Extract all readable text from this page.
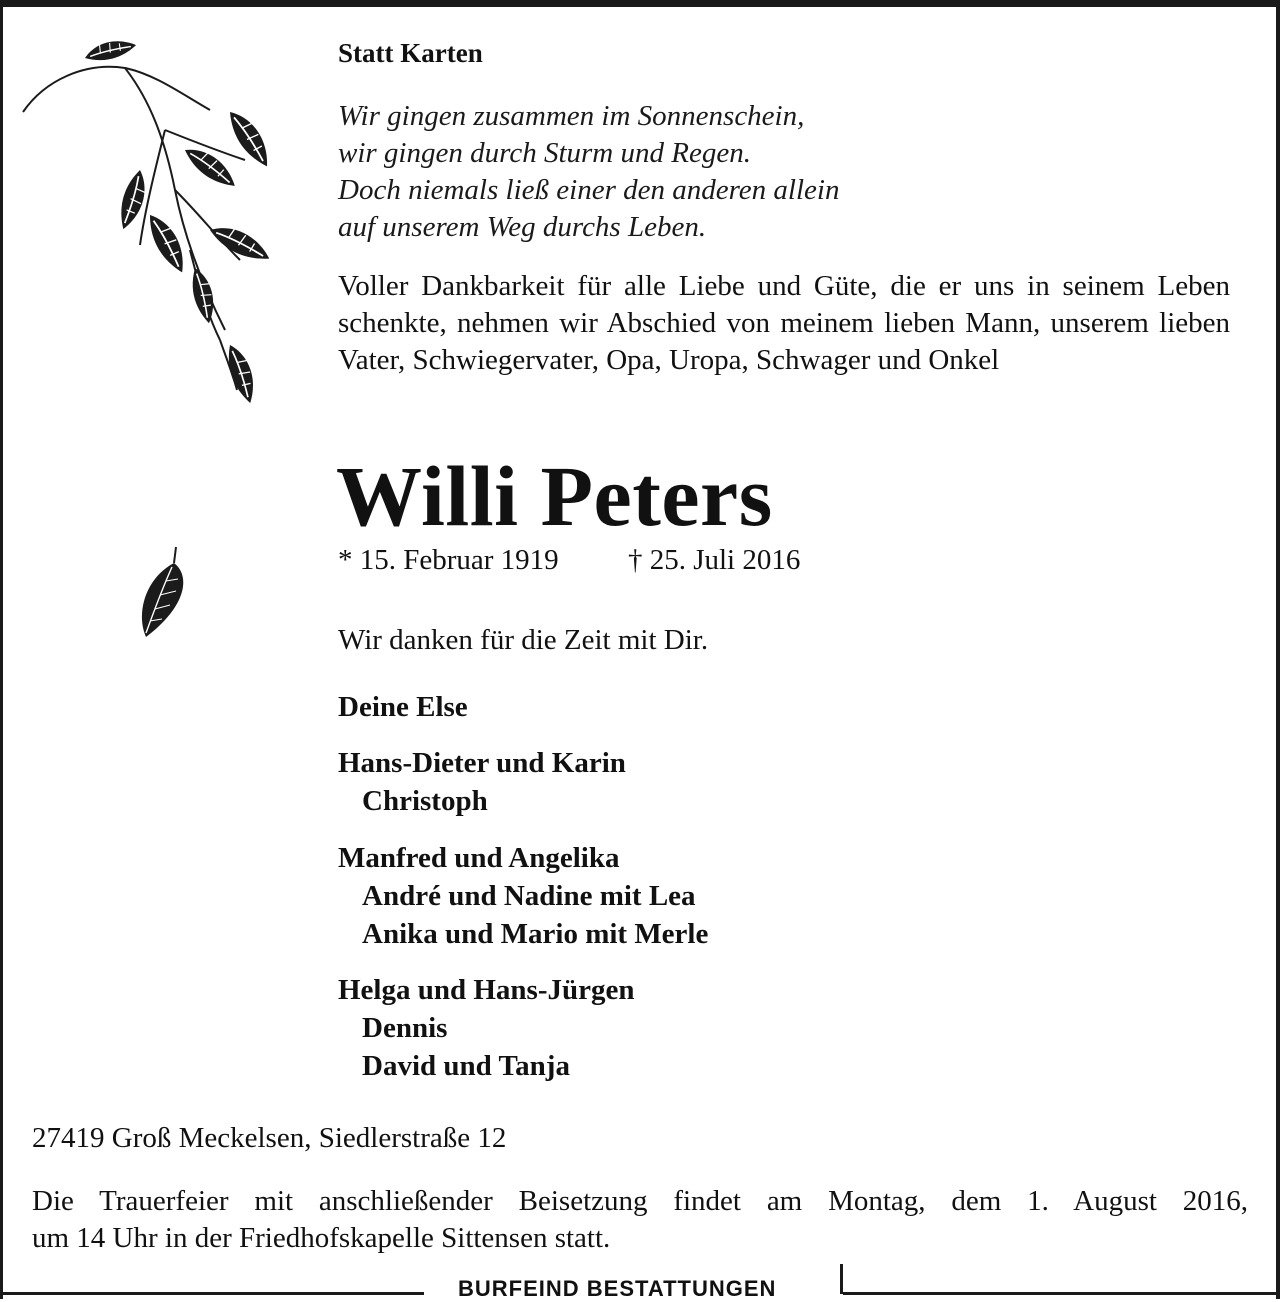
Statt Karten

Wir gingen zusammen im Sonnenschein,
wir gingen durch Sturm und Regen.
Doch niemals ließ einer den anderen allein
auf unserem Weg durchs Leben.

Voller Dankbarkeit für alle Liebe und Güte, die er uns in seinem Leben schenkte, nehmen wir Abschied von meinem lieben Mann, unserem lieben Vater, Schwiegervater, Opa, Uropa, Schwager und Onkel

Willi Peters
* 15. Februar 1919 † 25. Juli 2016

Wir danken für die Zeit mit Dir.

Deine Else
Hans-Dieter und Karin
Christoph
Manfred und Angelika
André und Nadine mit Lea
Anika und Mario mit Merle
Helga und Hans-Jürgen
Dennis
David und Tanja

27419 Groß Meckelsen, Siedlerstraße 12

Die Trauerfeier mit anschließender Beisetzung findet am Montag, dem 1. August 2016,
um 14 Uhr in der Friedhofskapelle Sittensen statt.

BURFEIND BESTATTUNGEN
